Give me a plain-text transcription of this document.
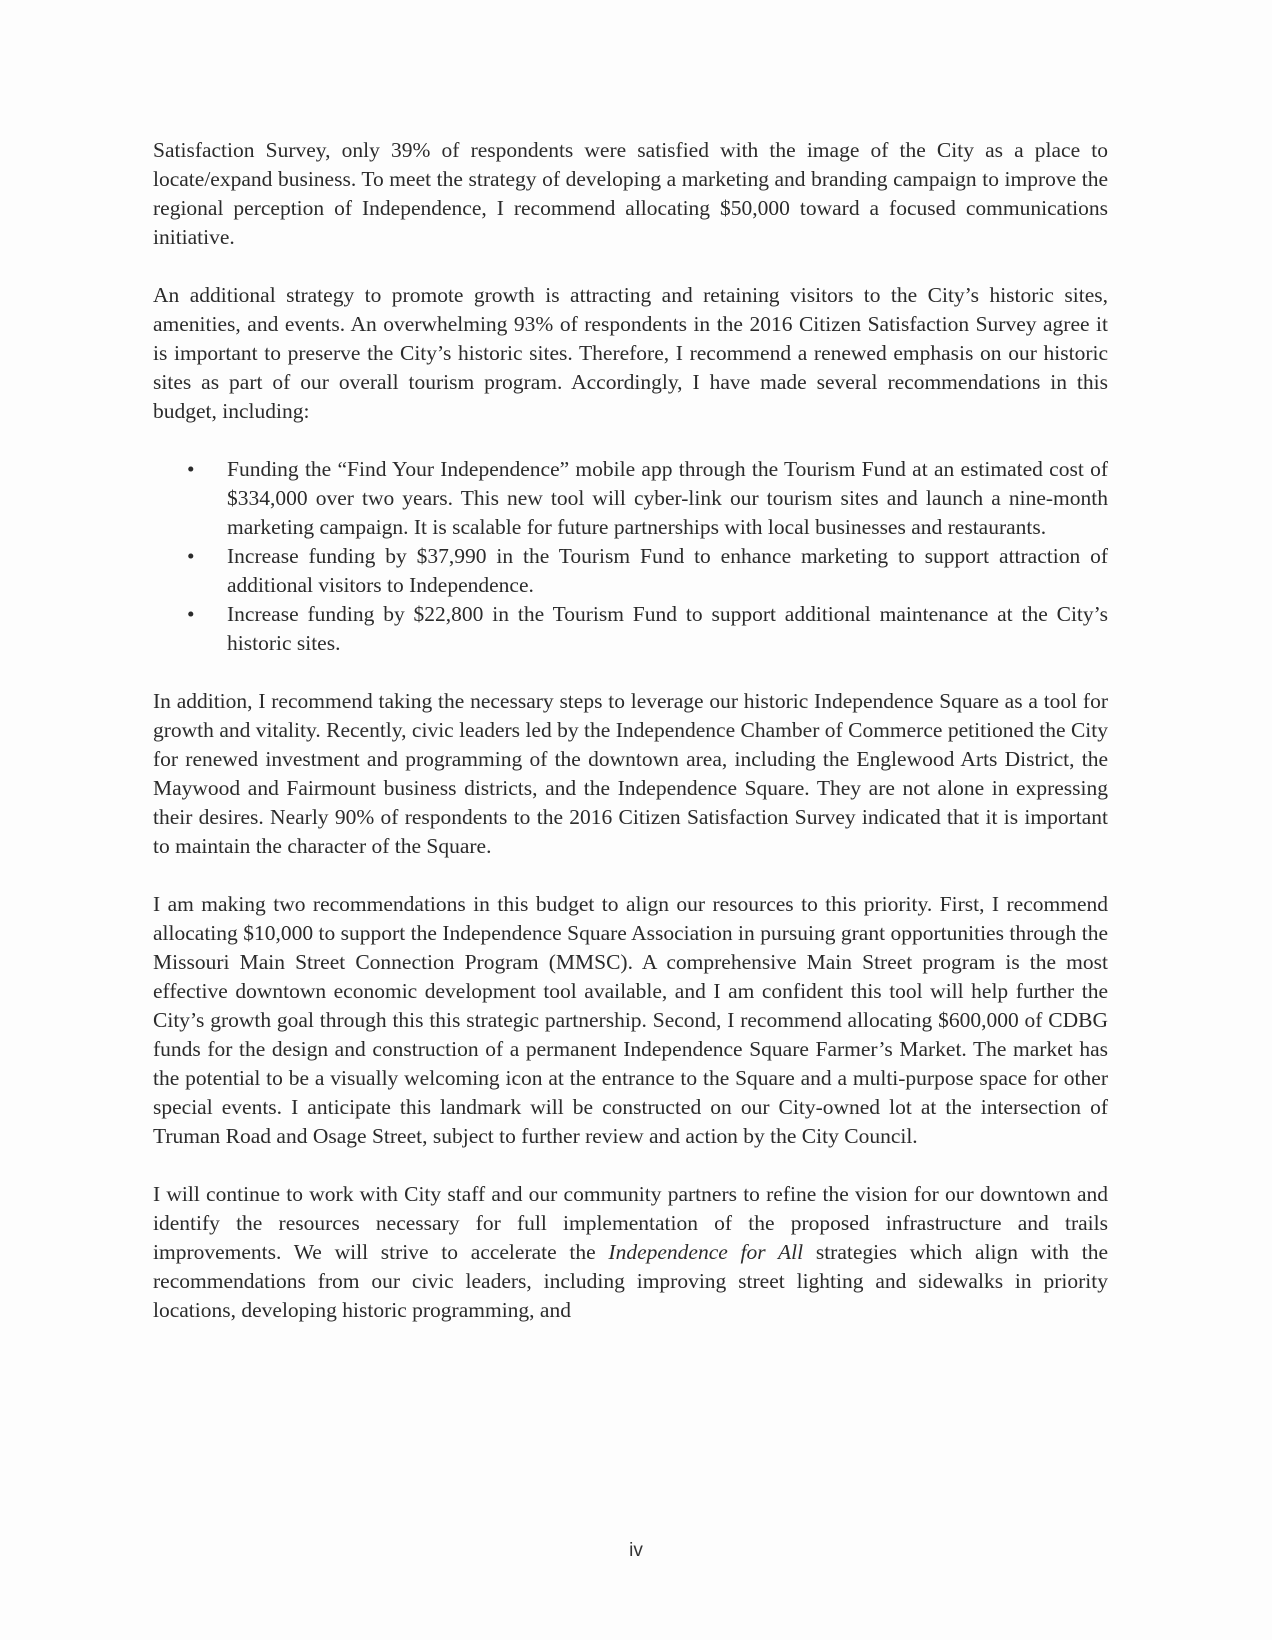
Satisfaction Survey, only 39% of respondents were satisfied with the image of the City as a place to locate/expand business. To meet the strategy of developing a marketing and branding campaign to improve the regional perception of Independence, I recommend allocating $50,000 toward a focused communications initiative.

An additional strategy to promote growth is attracting and retaining visitors to the City’s historic sites, amenities, and events. An overwhelming 93% of respondents in the 2016 Citizen Satisfaction Survey agree it is important to preserve the City’s historic sites. Therefore, I recommend a renewed emphasis on our historic sites as part of our overall tourism program. Accordingly, I have made several recommendations in this budget, including:

• Funding the “Find Your Independence” mobile app through the Tourism Fund at an estimated cost of $334,000 over two years. This new tool will cyber-link our tourism sites and launch a nine-month marketing campaign. It is scalable for future partnerships with local businesses and restaurants.
• Increase funding by $37,990 in the Tourism Fund to enhance marketing to support attraction of additional visitors to Independence.
• Increase funding by $22,800 in the Tourism Fund to support additional maintenance at the City’s historic sites.

In addition, I recommend taking the necessary steps to leverage our historic Independence Square as a tool for growth and vitality. Recently, civic leaders led by the Independence Chamber of Commerce petitioned the City for renewed investment and programming of the downtown area, including the Englewood Arts District, the Maywood and Fairmount business districts, and the Independence Square. They are not alone in expressing their desires. Nearly 90% of respondents to the 2016 Citizen Satisfaction Survey indicated that it is important to maintain the character of the Square.

I am making two recommendations in this budget to align our resources to this priority. First, I recommend allocating $10,000 to support the Independence Square Association in pursuing grant opportunities through the Missouri Main Street Connection Program (MMSC). A comprehensive Main Street program is the most effective downtown economic development tool available, and I am confident this tool will help further the City’s growth goal through this this strategic partnership. Second, I recommend allocating $600,000 of CDBG funds for the design and construction of a permanent Independence Square Farmer’s Market. The market has the potential to be a visually welcoming icon at the entrance to the Square and a multi-purpose space for other special events. I anticipate this landmark will be constructed on our City-owned lot at the intersection of Truman Road and Osage Street, subject to further review and action by the City Council.

I will continue to work with City staff and our community partners to refine the vision for our downtown and identify the resources necessary for full implementation of the proposed infrastructure and trails improvements. We will strive to accelerate the Independence for All strategies which align with the recommendations from our civic leaders, including improving street lighting and sidewalks in priority locations, developing historic programming, and

iv
